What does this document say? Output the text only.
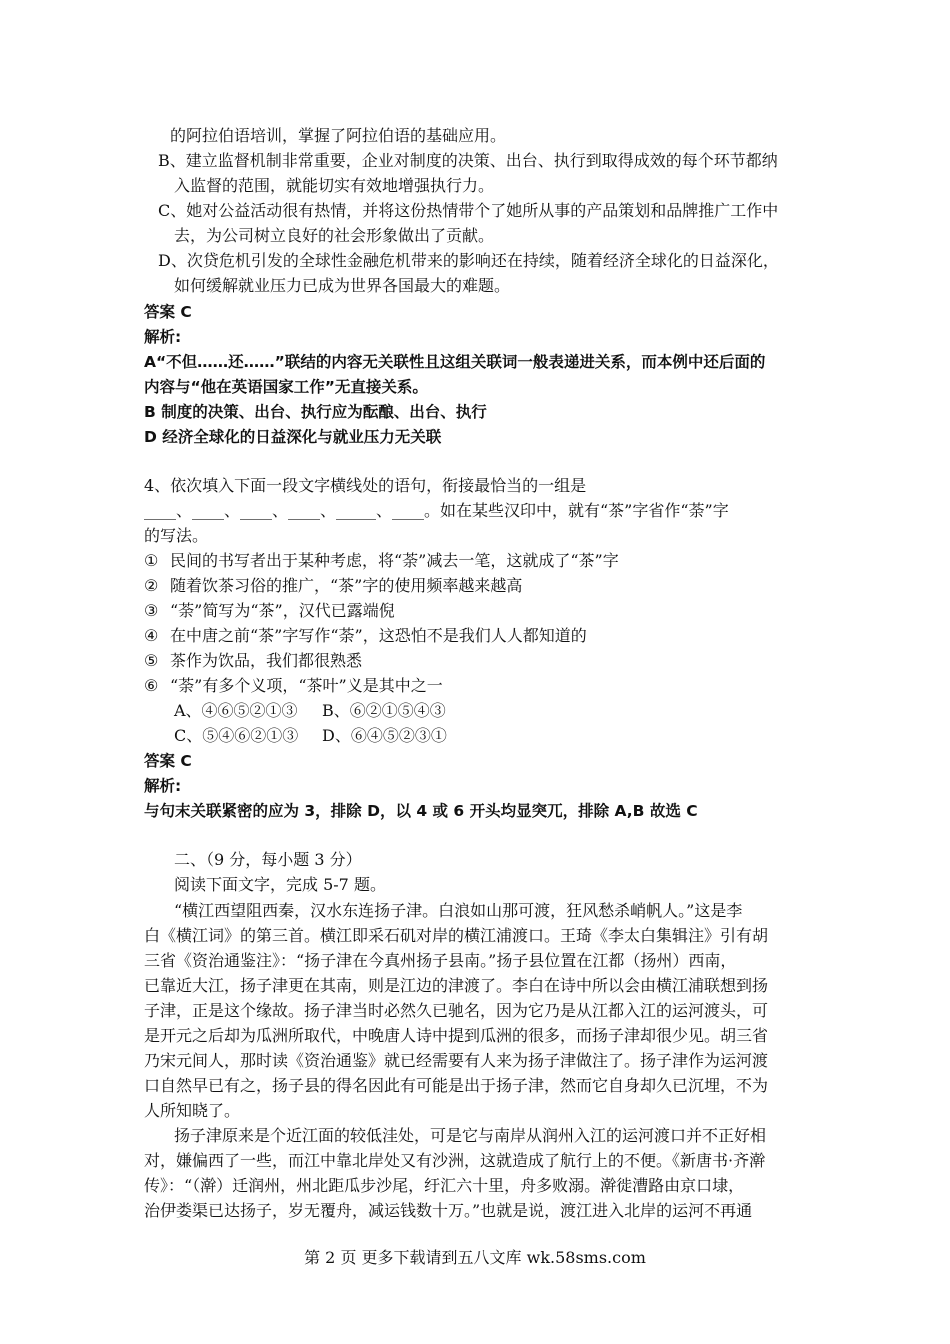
的阿拉伯语培训，掌握了阿拉伯语的基础应用。
B、建立监督机制非常重要，企业对制度的决策、出台、执行到取得成效的每个环节都纳
入监督的范围，就能切实有效地增强执行力。
C、她对公益活动很有热情，并将这份热情带个了她所从事的产品策划和品牌推广工作中
去，为公司树立良好的社会形象做出了贡献。
D、次贷危机引发的全球性金融危机带来的影响还在持续，随着经济全球化的日益深化，
如何缓解就业压力已成为世界各国最大的难题。
答案 C
解析:
A“不但……还……”联结的内容无关联性且这组关联词一般表递进关系，而本例中还后面的
内容与“他在英语国家工作”无直接关系。
B 制度的决策、出台、执行应为酝酿、出台、执行
D 经济全球化的日益深化与就业压力无关联
4、依次填入下面一段文字横线处的语句，衔接最恰当的一组是
____、____、____、____、_____、____。如在某些汉印中，就有“茶”字省作“荼”字
的写法。
① 民间的书写者出于某种考虑，将“荼”减去一笔，这就成了“茶”字
② 随着饮茶习俗的推广，“茶”字的使用频率越来越高
③ “荼”简写为“茶”，汉代已露端倪
④ 在中唐之前“茶”字写作“荼”，这恐怕不是我们人人都知道的
⑤ 茶作为饮品，我们都很熟悉
⑥ “荼”有多个义项，“茶叶”义是其中之一
A、④⑥⑤②①③ B、⑥②①⑤④③
C、⑤④⑥②①③ D、⑥④⑤②③①
答案 C
解析:
与句末关联紧密的应为 3，排除 D，以 4 或 6 开头均显突兀，排除 A,B 故选 C
二、（9 分，每小题 3 分）
阅读下面文字，完成 5-7 题。
“横江西望阻西秦，汉水东连扬子津。白浪如山那可渡，狂风愁杀峭帆人。”这是李
白《横江词》的第三首。横江即采石矶对岸的横江浦渡口。王琦《李太白集辑注》引有胡
三省《资治通鉴注》：“扬子津在今真州扬子县南。”扬子县位置在江都（扬州）西南，
已靠近大江，扬子津更在其南，则是江边的津渡了。李白在诗中所以会由横江浦联想到扬
子津，正是这个缘故。扬子津当时必然久已驰名，因为它乃是从江都入江的运河渡头，可
是开元之后却为瓜洲所取代，中晚唐人诗中提到瓜洲的很多，而扬子津却很少见。胡三省
乃宋元间人，那时读《资治通鉴》就已经需要有人来为扬子津做注了。扬子津作为运河渡
口自然早已有之，扬子县的得名因此有可能是出于扬子津，然而它自身却久已沉埋，不为
人所知晓了。
扬子津原来是个近江面的较低洼处，可是它与南岸从润州入江的运河渡口并不正好相
对，嫌偏西了一些，而江中靠北岸处又有沙洲，这就造成了航行上的不便。《新唐书·齐澣
传》：“（澣）迁润州，州北距瓜步沙尾，纡汇六十里，舟多败溺。澣徙漕路由京口埭，
治伊娄渠已达扬子，岁无覆舟，减运钱数十万。”也就是说，渡江进入北岸的运河不再通
第 2 页 更多下载请到五八文库 wk.58sms.com
